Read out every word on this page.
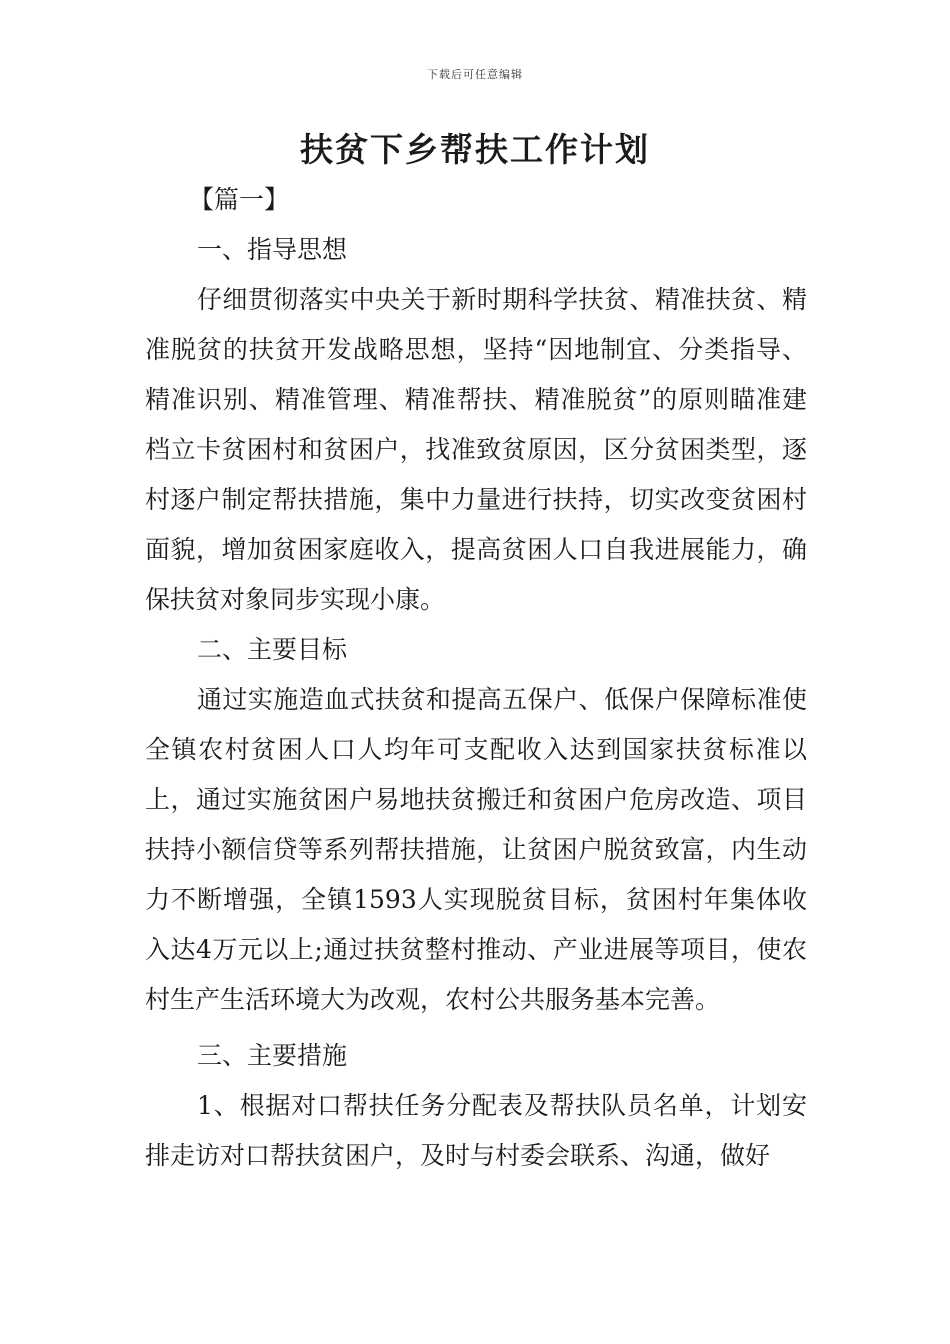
下载后可任意编辑
扶贫下乡帮扶工作计划

【篇一】

一、指导思想

仔细贯彻落实中央关于新时期科学扶贫、精准扶贫、精准脱贫的扶贫开发战略思想，坚持“因地制宜、分类指导、精准识别、精准管理、精准帮扶、精准脱贫”的原则瞄准建档立卡贫困村和贫困户，找准致贫原因，区分贫困类型，逐村逐户制定帮扶措施，集中力量进行扶持，切实改变贫困村面貌，增加贫困家庭收入，提高贫困人口自我进展能力，确保扶贫对象同步实现小康。

二、主要目标

通过实施造血式扶贫和提高五保户、低保户保障标准使全镇农村贫困人口人均年可支配收入达到国家扶贫标准以上，通过实施贫困户易地扶贫搬迁和贫困户危房改造、项目扶持小额信贷等系列帮扶措施，让贫困户脱贫致富，内生动力不断增强，全镇1593人实现脱贫目标，贫困村年集体收入达4万元以上;通过扶贫整村推动、产业进展等项目，使农村生产生活环境大为改观，农村公共服务基本完善。

三、主要措施

1、根据对口帮扶任务分配表及帮扶队员名单，计划安排走访对口帮扶贫困户，及时与村委会联系、沟通，做好
